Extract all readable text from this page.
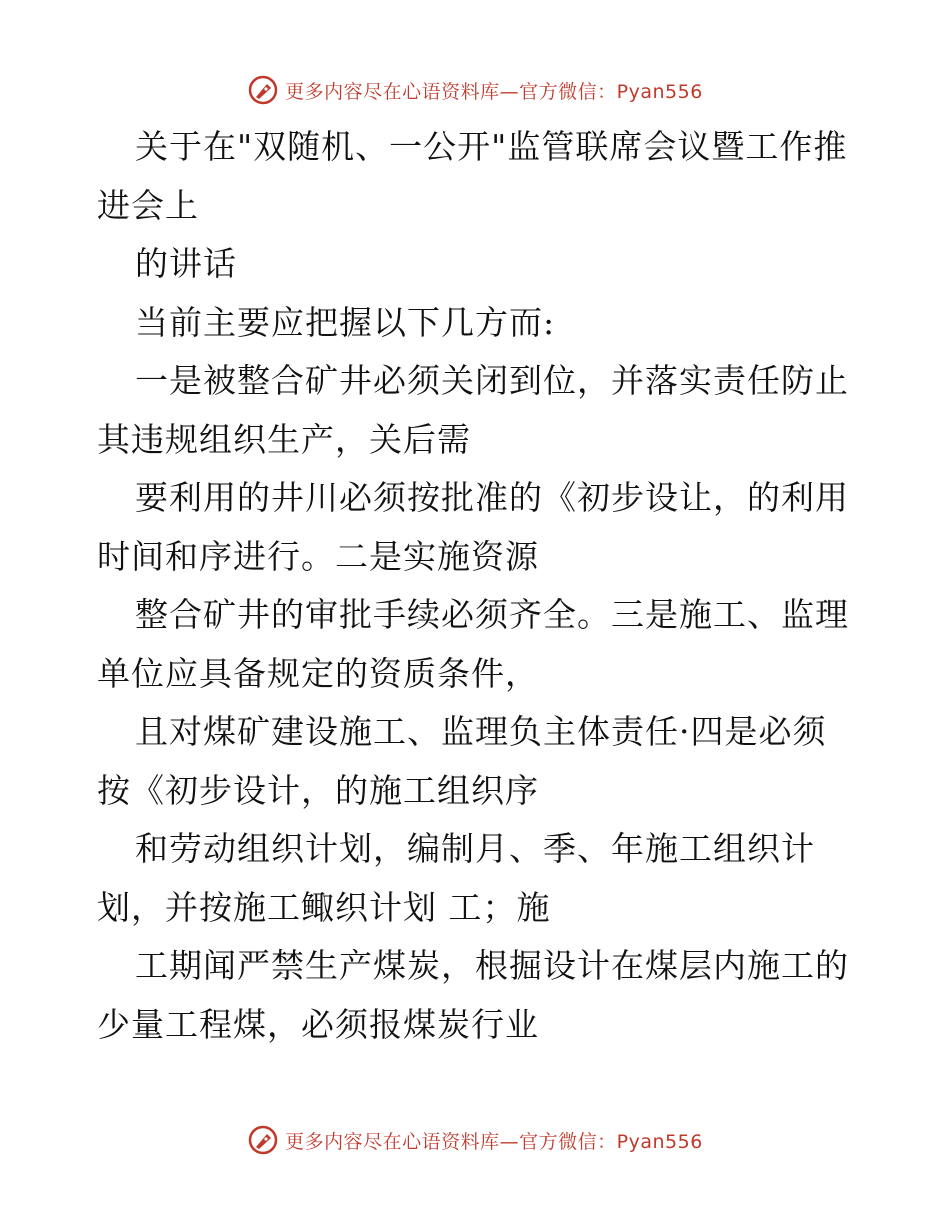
更多内容尽在心语资料库—官方微信：Pyan556
关于在"双随机、一公开"监管联席会议暨工作推
进会上
的讲话
当前主要应把握以下几方而:
一是被整合矿井必须关闭到位，并落实责任防止
其违规组织生产，关后需
要利用的井川必须按批准的《初步设让，的利用
时间和序进行。二是实施资源
整合矿井的审批手续必须齐全。三是施工、监理
单位应具备规定的资质条件，
且对煤矿建设施工、监理负主体责任·四是必须
按《初步设计，的施工组织序
和劳动组织计划，编制月、季、年施工组织计
划，并按施工鲰织计划 工；施
工期闻严禁生产煤炭，根掘设计在煤层内施工的
少量工程煤，必须报煤炭行业
更多内容尽在心语资料库—官方微信：Pyan556
